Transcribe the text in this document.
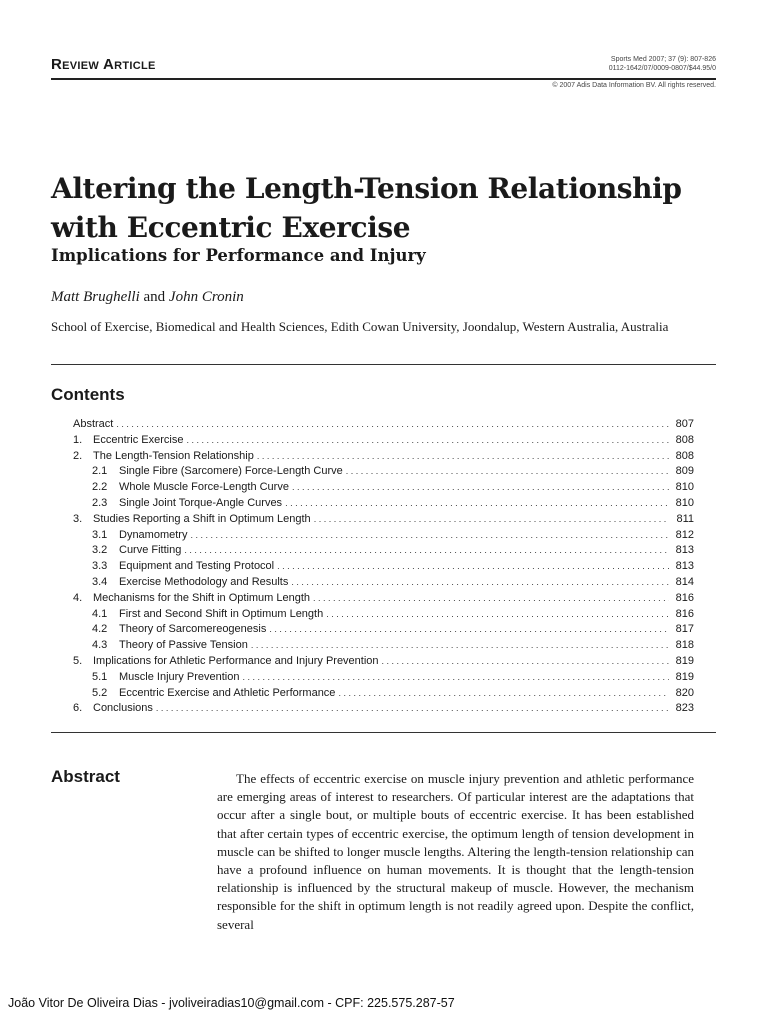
Review Article	Sports Med 2007; 37 (9): 807-826
0112-1642/07/0009-0807/$44.95/0
© 2007 Adis Data Information BV. All rights reserved.
Altering the Length-Tension Relationship with Eccentric Exercise
Implications for Performance and Injury
Matt Brughelli and John Cronin
School of Exercise, Biomedical and Health Sciences, Edith Cowan University, Joondalup, Western Australia, Australia
Contents
Abstract . . .	807
1. Eccentric Exercise . . .	808
2. The Length-Tension Relationship . . .	808
2.1	Single Fibre (Sarcomere) Force-Length Curve . . .	809
2.2	Whole Muscle Force-Length Curve . . .	810
2.3	Single Joint Torque-Angle Curves . . .	810
3. Studies Reporting a Shift in Optimum Length . . .	811
3.1	Dynamometry . . .	812
3.2	Curve Fitting . . .	813
3.3	Equipment and Testing Protocol . . .	813
3.4	Exercise Methodology and Results . . .	814
4. Mechanisms for the Shift in Optimum Length . . .	816
4.1	First and Second Shift in Optimum Length . . .	816
4.2	Theory of Sarcomereogenesis . . .	817
4.3	Theory of Passive Tension . . .	818
5. Implications for Athletic Performance and Injury Prevention . . .	819
5.1	Muscle Injury Prevention . . .	819
5.2	Eccentric Exercise and Athletic Performance . . .	820
6. Conclusions . . .	823
Abstract	The effects of eccentric exercise on muscle injury prevention and athletic performance are emerging areas of interest to researchers. Of particular interest are the adaptations that occur after a single bout, or multiple bouts of eccentric exercise. It has been established that after certain types of eccentric exercise, the optimum length of tension development in muscle can be shifted to longer muscle lengths. Altering the length-tension relationship can have a profound influence on human movements. It is thought that the length-tension relationship is influenced by the structural makeup of muscle. However, the mechanism responsible for the shift in optimum length is not readily agreed upon. Despite the conflict, several
João Vitor De Oliveira Dias - jvoliveiradias10@gmail.com - CPF: 225.575.287-57
